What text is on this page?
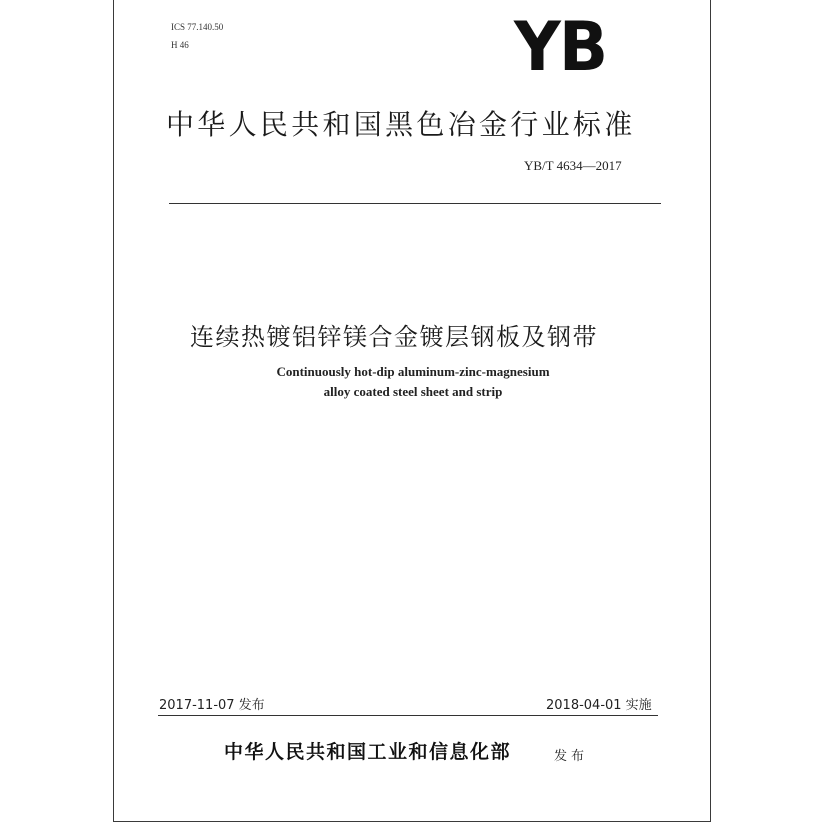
ICS 77.140.50
H 46	YB
中华人民共和国黑色冶金行业标准
YB/T 4634—2017
连续热镀铝锌镁合金镀层钢板及钢带
Continuously hot-dip aluminum-zinc-magnesium
alloy coated steel sheet and strip
2017-11-07 发布	2018-04-01 实施
中华人民共和国工业和信息化部	发布
